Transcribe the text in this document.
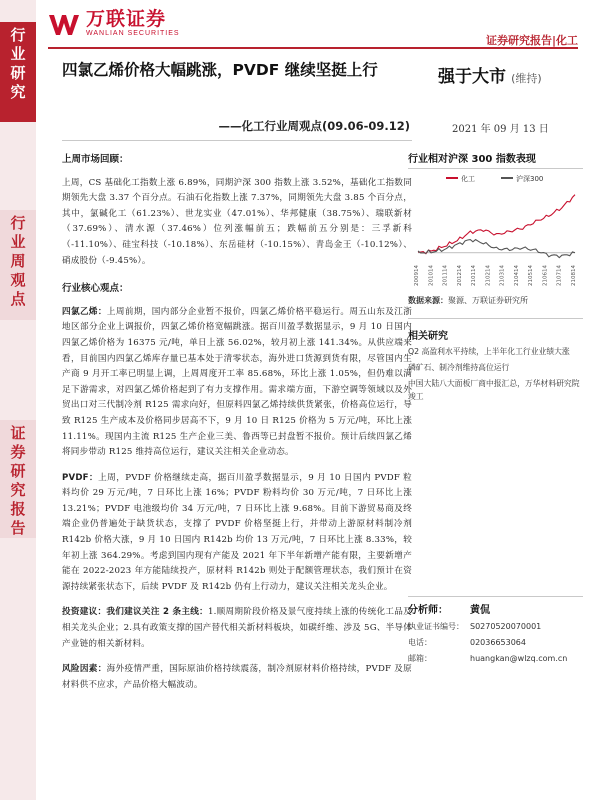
行
业
研
究
行
业
周
观
点
证
券
研
究
报
告
万联证券
WANLIAN SECURITIES
证券研究报告|化工
四氯乙烯价格大幅跳涨，PVDF 继续坚挺上行
——化工行业周观点(09.06-09.12)
强于大市 (维持)
2021 年 09 月 13 日
上周市场回顾：
上周，CS 基础化工指数上涨 6.89%，同期沪深 300 指数上涨 3.52%，基础化工指数同期领先大盘 3.37 个百分点。石油石化指数上涨 7.37%，同期领先大盘 3.85 个百分点，其中，氯碱化工（61.23%）、世龙实业（47.01%）、华邦健康（38.75%）、瑞联新材（37.69%）、清水源（37.46%）位列涨幅前五；跌幅前五分别是：三孚新科（-11.10%）、硅宝科技（-10.18%）、东岳硅材（-10.15%）、青岛金王（-10.12%）、硝成股份（-9.45%）。
行业核心观点：
四氯乙烯：上周前期，国内部分企业暂不报价，四氯乙烯价格平稳运行。周五山东及江浙地区部分企业上调报价，四氯乙烯价格宽幅跳涨。据百川盈孚数据显示，9 月 10 日国内四氯乙烯价格为 16375 元/吨，单日上涨 56.02%，较月初上涨 141.34%。从供应端来看，目前国内四氯乙烯库存量已基本处于清零状态，海外进口货源到货有限，尽管国内生产商 9 月开工率已明显上调，上周周度开工率 85.68%，环比上涨 1.05%，但仍难以满足下游需求，对四氯乙烯价格起到了有力支撑作用。需求端方面，下游空调等领域以及外贸出口对三代制冷剂 R125 需求向好，但原料四氯乙烯持续供货紧张，价格高位运行，导致 R125 生产成本及价格同步居高不下，9 月 10 日 R125 价格为 5 万元/吨，环比上涨 11.11%。现国内主流 R125 生产企业三美、鲁西等已封盘暂不报价。预计后续四氯乙烯将同步带动 R125 维持高位运行，建议关注相关企业动态。
PVDF：上周，PVDF 价格继续走高，据百川盈孚数据显示，9 月 10 日国内 PVDF 粒料均价 29 万元/吨，7 日环比上涨 16%；PVDF 粉料均价 30 万元/吨，7 日环比上涨 13.21%；PVDF 电池级均价 34 万元/吨，7 日环比上涨 9.68%。目前下游贸易商及终端企业仍普遍处于缺货状态，支撑了 PVDF 价格坚挺上行，并带动上游原材料制冷剂 R142b 价格大涨，9 月 10 日国内 R142b 均价 13 万元/吨，7 日环比上涨 8.33%，较年初上涨 364.29%。考虑到国内现有产能及 2021 年下半年新增产能有限，主要新增产能在 2022-2023 年方能陆续投产，原材料 R142b 则处于配额管理状态，我们预计在资源持续紧张状态下，后续 PVDF 及 R142b 仍有上行动力，建议关注相关龙头企业。
投资建议：我们建议关注 2 条主线：1.顺周期阶段价格及景气度持续上涨的传统化工品及相关龙头企业；2.具有政策支撑的国产替代相关新材料板块，如碳纤维、涉及 5G、半导体产业链的相关新材料。
风险因素：海外疫情严重，国际原油价格持续震荡，制冷剂原材料价格持续，PVDF 及原材料供不应求，产品价格大幅波动。
行业相对沪深 300 指数表现
化工	沪深300
200914 201014 201114 201214 210114 210214 210314 210414 210514 210614 210714 210814
数据来源：聚源、万联证券研究所
相关研究
Q2 高盈利水平持续，上半年化工行业业绩大涨
磷矿石、制冷剂维持高位运行
中国大陆八大面板厂商中报汇总，万华材料研究院竣工
分析师：	黄侃
执业证书编号： S0270520070001
电话：	02036653064
邮箱：	huangkan@wlzq.com.cn
